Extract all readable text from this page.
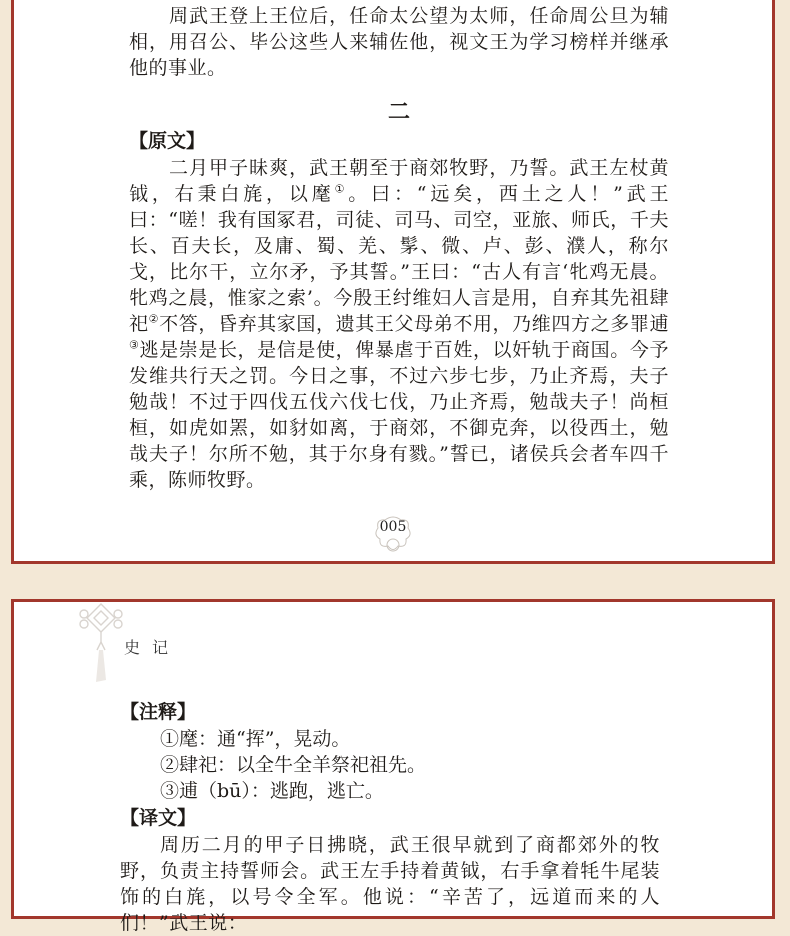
周武王登上王位后，任命太公望为太师，任命周公旦为辅相，用召公、毕公这些人来辅佐他，视文王为学习榜样并继承他的事业。

二

【原文】

二月甲子昧爽，武王朝至于商郊牧野，乃誓。武王左杖黄钺，右秉白旄，以麾①。曰：“远矣，西土之人！”武王曰：“嗟！我有国冢君，司徒、司马、司空，亚旅、师氏，千夫长、百夫长，及庸、蜀、羌、髳、微、卢、彭、濮人，称尔戈，比尔干，立尔矛，予其誓。”王曰：“古人有言‘牝鸡无晨。牝鸡之晨，惟家之索’。今殷王纣维妇人言是用，自弃其先祖肆祀②不答，昏弃其家国，遗其王父母弟不用，乃维四方之多罪逋③逃是崇是长，是信是使，俾暴虐于百姓，以奸轨于商国。今予发维共行天之罚。今日之事，不过六步七步，乃止齐焉，夫子勉哉！不过于四伐五伐六伐七伐，乃止齐焉，勉哉夫子！尚桓桓，如虎如罴，如豺如离，于商郊，不御克奔，以役西土，勉哉夫子！尔所不勉，其于尔身有戮。”誓已，诸侯兵会者车四千乘，陈师牧野。

005
史记

【注释】

①麾：通“挥”，晃动。

②肆祀：以全牛全羊祭祀祖先。

③逋（bū）：逃跑，逃亡。

【译文】

周历二月的甲子日拂晓，武王很早就到了商都郊外的牧野，负责主持誓师会。武王左手持着黄钺，右手拿着牦牛尾装饰的白旄，以号令全军。他说：“辛苦了，远道而来的人们！”武王说：
